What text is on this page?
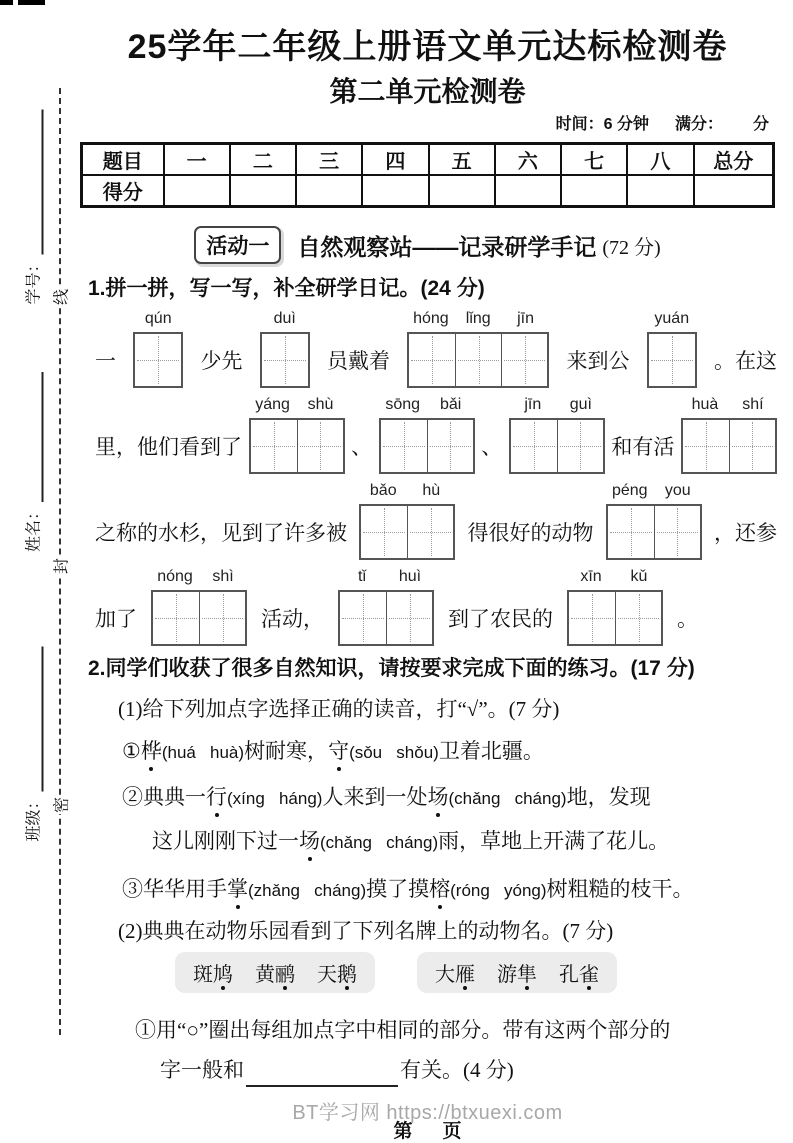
线
封
密
学号：
姓名：
班级：
25学年二年级上册语文单元达标检测卷
第二单元检测卷
时间：6 分钟 满分： 分
题目	一	二	三	四	五	六	七	八	总分
得分									
活动一	自然观察站——记录研学手记 (72 分)
1.拼一拼，写一写，补全研学日记。(24 分)
一
qún
少先
duì
员戴着
hóng	lǐng	jīn
来到公
yuán
。在这
里，他们看到了
yáng	shù
、
sōng	bǎi
、
jīn	guì
和有活
huà	shí
之称的水杉，见到了许多被
bǎo	hù
得很好的动物
péng	you
，还参
加了
nóng	shì
活动，
tǐ	huì
到了农民的
xīn	kǔ
。
2.同学们收获了很多自然知识，请按要求完成下面的练习。(17 分)
(1)给下列加点字选择正确的读音，打“√”。(7 分)
①桦(huá   huà)树耐寒，守(sǒu   shǒu)卫着北疆。
②典典一行(xíng   háng)人来到一处场(chǎng   cháng)地，发现
这儿刚刚下过一场(chǎng   cháng)雨，草地上开满了花儿。
③华华用手掌(zhǎng   cháng)摸了摸榕(róng   yóng)树粗糙的枝干。
(2)典典在动物乐园看到了下列名牌上的动物名。(7 分)
斑鸠 黄鹂 天鹅	大雁 游隼 孔雀
①用“○”圈出每组加点字中相同的部分。带有这两个部分的
字一般和	有关。(4 分)
BT学习网 https://btxuexi.com
第 页
